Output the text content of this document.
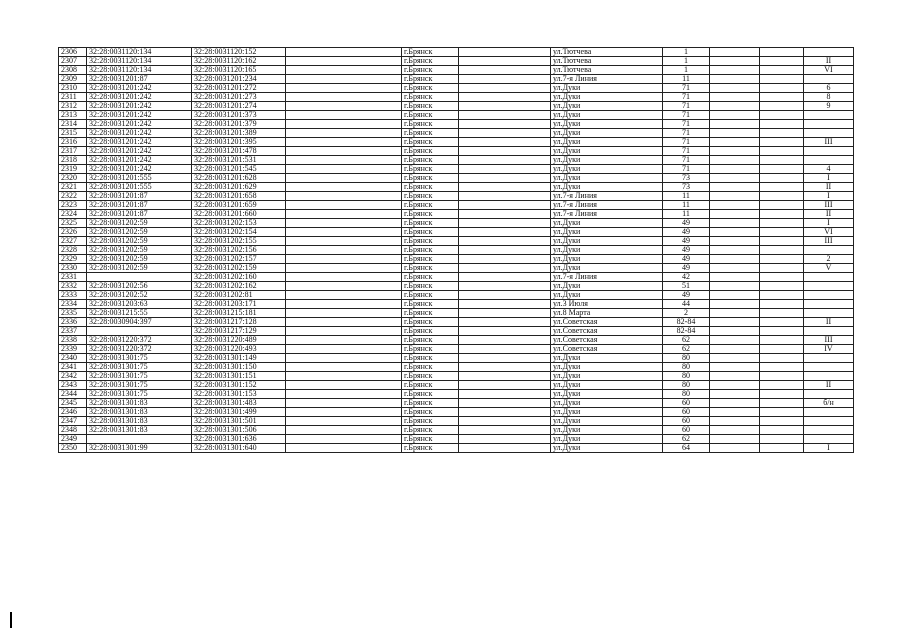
2306	32:28:0031120:134	32:28:0031120:152		г.Брянск		ул.Тютчева	1			
2307	32:28:0031120:134	32:28:0031120:162		г.Брянск		ул.Тютчева	1			II
2308	32:28:0031120:134	32:28:0031120:165		г.Брянск		ул.Тютчева	1			VI
2309	32:28:0031201:87	32:28:0031201:234		г.Брянск		ул.7-я Линия	11			
2310	32:28:0031201:242	32:28:0031201:272		г.Брянск		ул.Дуки	71			6
2311	32:28:0031201:242	32:28:0031201:273		г.Брянск		ул.Дуки	71			8
2312	32:28:0031201:242	32:28:0031201:274		г.Брянск		ул.Дуки	71			9
2313	32:28:0031201:242	32:28:0031201:373		г.Брянск		ул.Дуки	71			
2314	32:28:0031201:242	32:28:0031201:379		г.Брянск		ул.Дуки	71			
2315	32:28:0031201:242	32:28:0031201:389		г.Брянск		ул.Дуки	71			
2316	32:28:0031201:242	32:28:0031201:395		г.Брянск		ул.Дуки	71			III
2317	32:28:0031201:242	32:28:0031201:478		г.Брянск		ул.Дуки	71			
2318	32:28:0031201:242	32:28:0031201:531		г.Брянск		ул.Дуки	71			
2319	32:28:0031201:242	32:28:0031201:545		г.Брянск		ул.Дуки	71			4
2320	32:28:0031201:555	32:28:0031201:628		г.Брянск		ул.Дуки	73			I
2321	32:28:0031201:555	32:28:0031201:629		г.Брянск		ул.Дуки	73			II
2322	32:28:0031201:87	32:28:0031201:658		г.Брянск		ул.7-я Линия	11			I
2323	32:28:0031201:87	32:28:0031201:659		г.Брянск		ул.7-я Линия	11			III
2324	32:28:0031201:87	32:28:0031201:660		г.Брянск		ул.7-я Линия	11			II
2325	32:28:0031202:59	32:28:0031202:153		г.Брянск		ул.Дуки	49			I
2326	32:28:0031202:59	32:28:0031202:154		г.Брянск		ул.Дуки	49			VI
2327	32:28:0031202:59	32:28:0031202:155		г.Брянск		ул.Дуки	49			III
2328	32:28:0031202:59	32:28:0031202:156		г.Брянск		ул.Дуки	49			
2329	32:28:0031202:59	32:28:0031202:157		г.Брянск		ул.Дуки	49			2
2330	32:28:0031202:59	32:28:0031202:159		г.Брянск		ул.Дуки	49			V
2331		32:28:0031202:160		г.Брянск		ул.7-я Линия	42			
2332	32:28:0031202:56	32:28:0031202:162		г.Брянск		ул.Дуки	51			
2333	32:28:0031202:52	32:28:0031202:81		г.Брянск		ул.Дуки	49			
2334	32:28:0031203:63	32:28:0031203:171		г.Брянск		ул.3 Июля	44			
2335	32:28:0031215:55	32:28:0031215:181		г.Брянск		ул.8 Марта	2			
2336	32:28:0030904:397	32:28:0031217:128		г.Брянск		ул.Советская	82-84			II
2337		32:28:0031217:129		г.Брянск		ул.Советская	82-84			
2338	32:28:0031220:372	32:28:0031220:489		г.Брянск		ул.Советская	62			III
2339	32:28:0031220:372	32:28:0031220:493		г.Брянск		ул.Советская	62			IV
2340	32:28:0031301:75	32:28:0031301:149		г.Брянск		ул.Дуки	80			
2341	32:28:0031301:75	32:28:0031301:150		г.Брянск		ул.Дуки	80			
2342	32:28:0031301:75	32:28:0031301:151		г.Брянск		ул.Дуки	80			
2343	32:28:0031301:75	32:28:0031301:152		г.Брянск		ул.Дуки	80			II
2344	32:28:0031301:75	32:28:0031301:153		г.Брянск		ул.Дуки	80			
2345	32:28:0031301:83	32:28:0031301:483		г.Брянск		ул.Дуки	60			б/н
2346	32:28:0031301:83	32:28:0031301:499		г.Брянск		ул.Дуки	60			
2347	32:28:0031301:83	32:28:0031301:501		г.Брянск		ул.Дуки	60			
2348	32:28:0031301:83	32:28:0031301:506		г.Брянск		ул.Дуки	60			
2349		32:28:0031301:636		г.Брянск		ул.Дуки	62			
2350	32:28:0031301:99	32:28:0031301:640		г.Брянск		ул.Дуки	64			I
